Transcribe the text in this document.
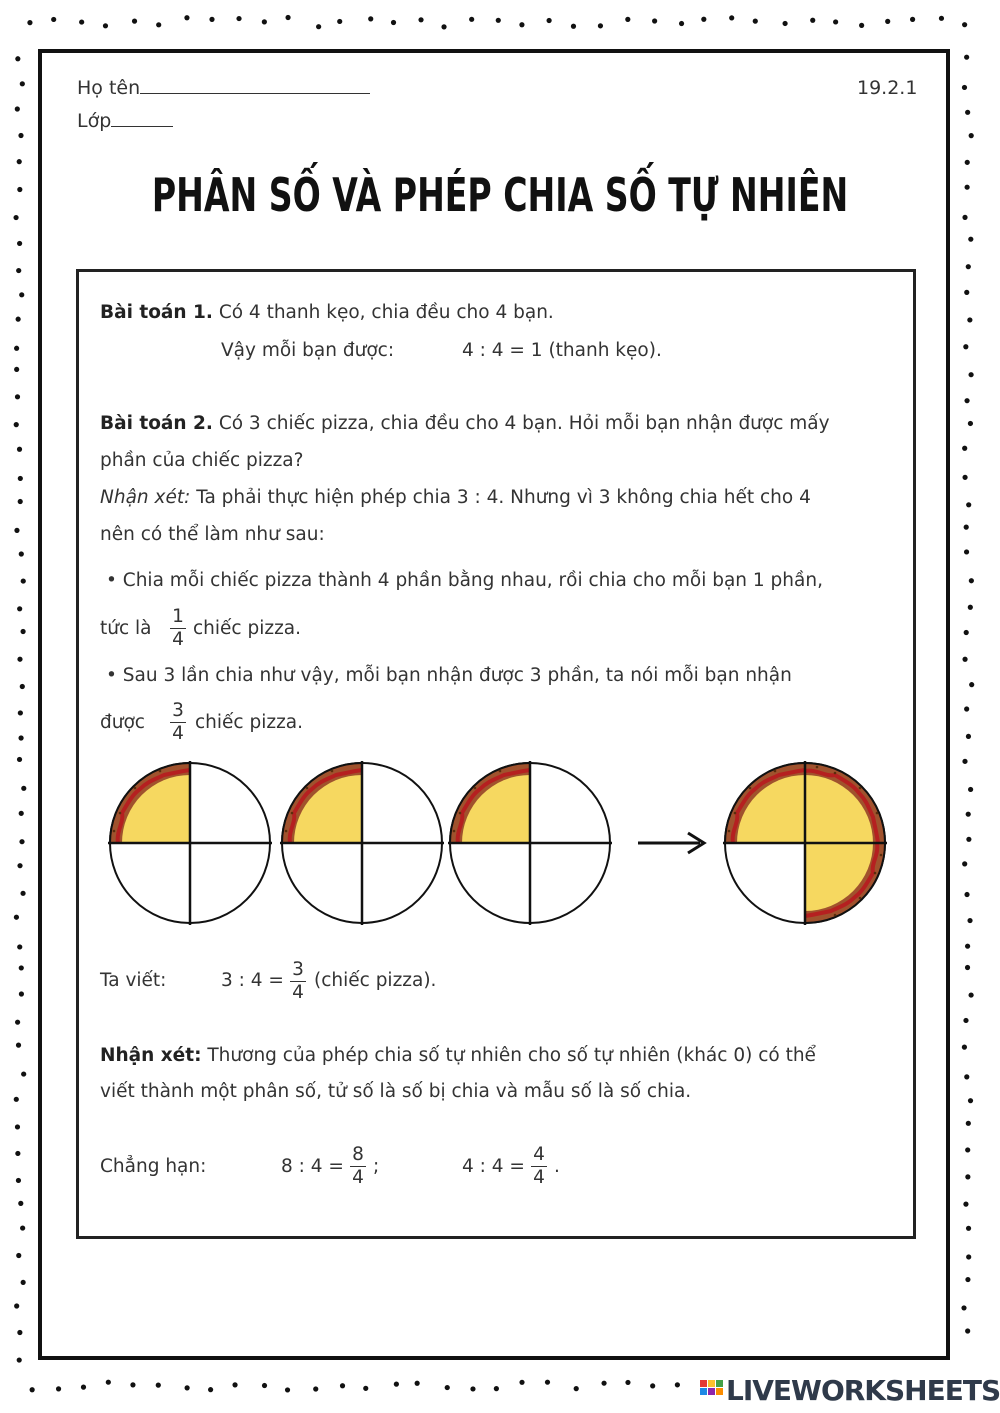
Họ tên
Lớp
19.2.1
PHÂN SỐ VÀ PHÉP CHIA SỐ TỰ NHIÊN
Bài toán 1. Có 4 thanh kẹo, chia đều cho 4 bạn.
Vậy mỗi bạn được:	4 : 4 = 1 (thanh kẹo).
Bài toán 2. Có 3 chiếc pizza, chia đều cho 4 bạn. Hỏi mỗi bạn nhận được mấy
phần của chiếc pizza?
Nhận xét: Ta phải thực hiện phép chia 3 : 4. Nhưng vì 3 không chia hết cho 4
nên có thể làm như sau:
• Chia mỗi chiếc pizza thành 4 phần bằng nhau, rồi chia cho mỗi bạn 1 phần,
tức là
1
4
chiếc pizza.
• Sau 3 lần chia như vậy, mỗi bạn nhận được 3 phần, ta nói mỗi bạn nhận
được
3
4
chiếc pizza.
Ta viết:	3 : 4 =
3
4
(chiếc pizza).
Nhận xét: Thương của phép chia số tự nhiên cho số tự nhiên (khác 0) có thể
viết thành một phân số, tử số là số bị chia và mẫu số là số chia.
Chẳng hạn:	8 : 4 =
8
4
;	4 : 4 =
4
4
.
LIVEWORKSHEETS
